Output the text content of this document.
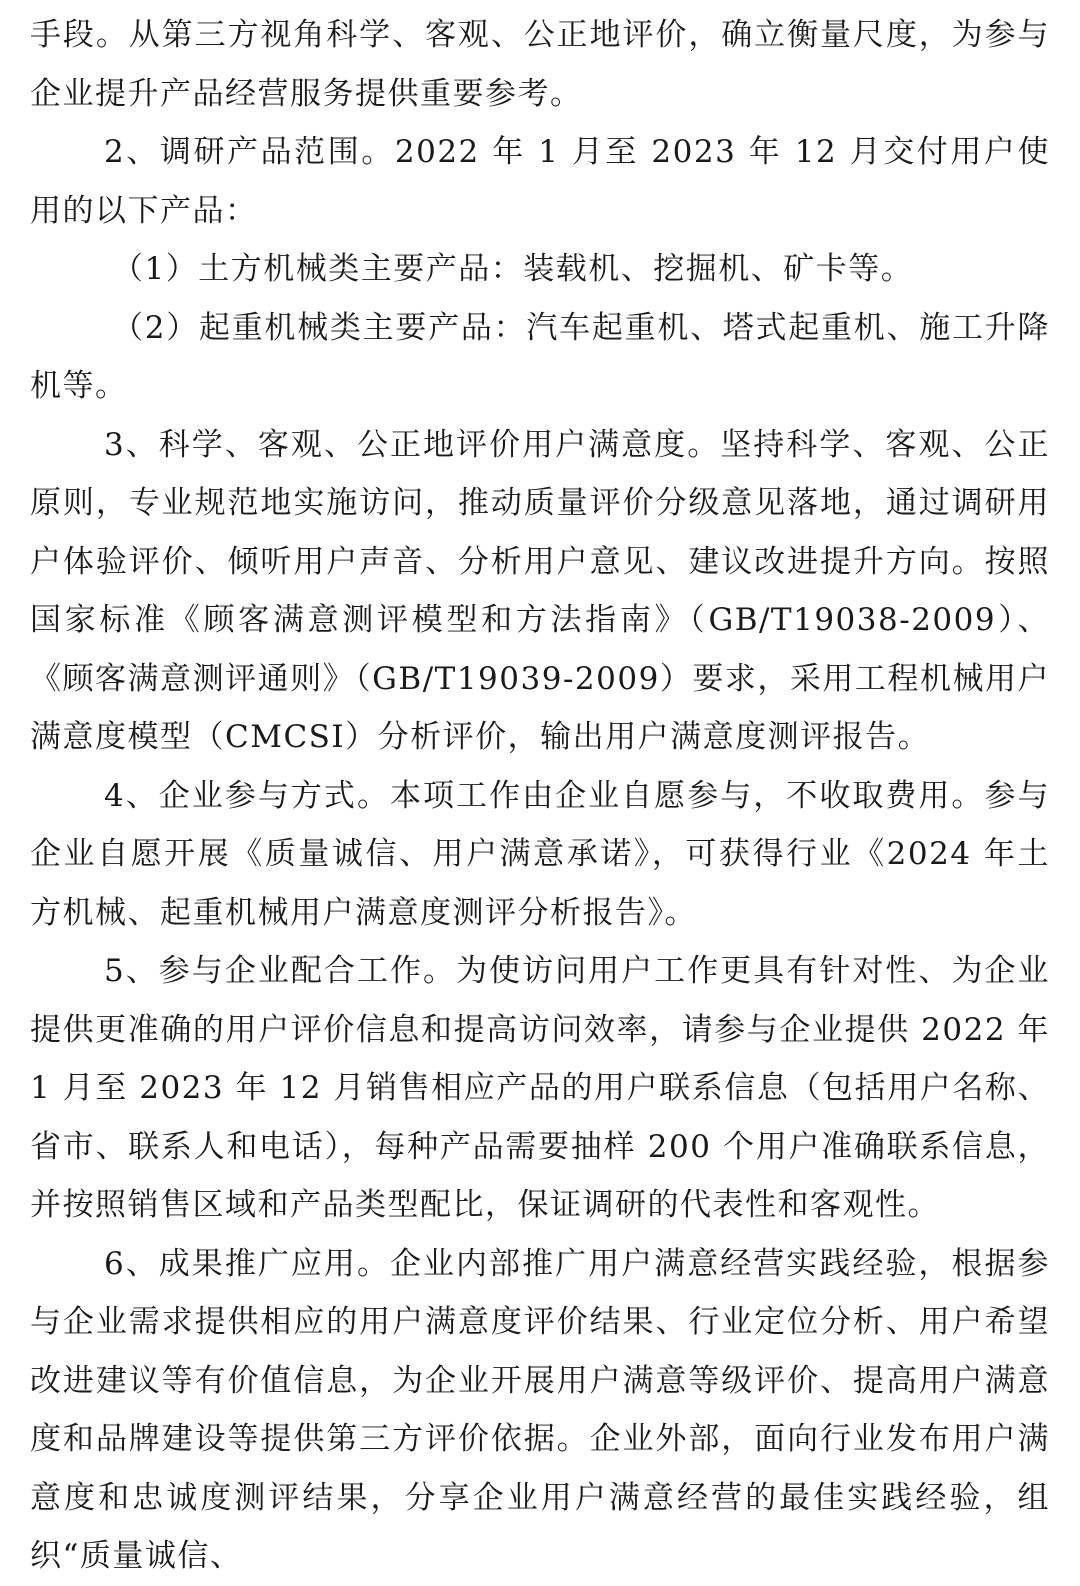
手段。从第三方视角科学、客观、公正地评价，确立衡量尺度，为参与企业提升产品经营服务提供重要参考。

2、调研产品范围。2022 年 1 月至 2023 年 12 月交付用户使用的以下产品：

（1）土方机械类主要产品：装载机、挖掘机、矿卡等。

（2）起重机械类主要产品：汽车起重机、塔式起重机、施工升降机等。

3、科学、客观、公正地评价用户满意度。坚持科学、客观、公正原则，专业规范地实施访问，推动质量评价分级意见落地，通过调研用户体验评价、倾听用户声音、分析用户意见、建议改进提升方向。按照国家标准《顾客满意测评模型和方法指南》（GB/T19038-2009）、《顾客满意测评通则》（GB/T19039-2009）要求，采用工程机械用户满意度模型（CMCSI）分析评价，输出用户满意度测评报告。

4、企业参与方式。本项工作由企业自愿参与，不收取费用。参与企业自愿开展《质量诚信、用户满意承诺》，可获得行业《2024 年土方机械、起重机械用户满意度测评分析报告》。

5、参与企业配合工作。为使访问用户工作更具有针对性、为企业提供更准确的用户评价信息和提高访问效率，请参与企业提供 2022 年 1 月至 2023 年 12 月销售相应产品的用户联系信息（包括用户名称、省市、联系人和电话），每种产品需要抽样 200 个用户准确联系信息，并按照销售区域和产品类型配比，保证调研的代表性和客观性。

6、成果推广应用。企业内部推广用户满意经营实践经验，根据参与企业需求提供相应的用户满意度评价结果、行业定位分析、用户希望改进建议等有价值信息，为企业开展用户满意等级评价、提高用户满意度和品牌建设等提供第三方评价依据。企业外部，面向行业发布用户满意度和忠诚度测评结果，分享企业用户满意经营的最佳实践经验，组织“质量诚信、
